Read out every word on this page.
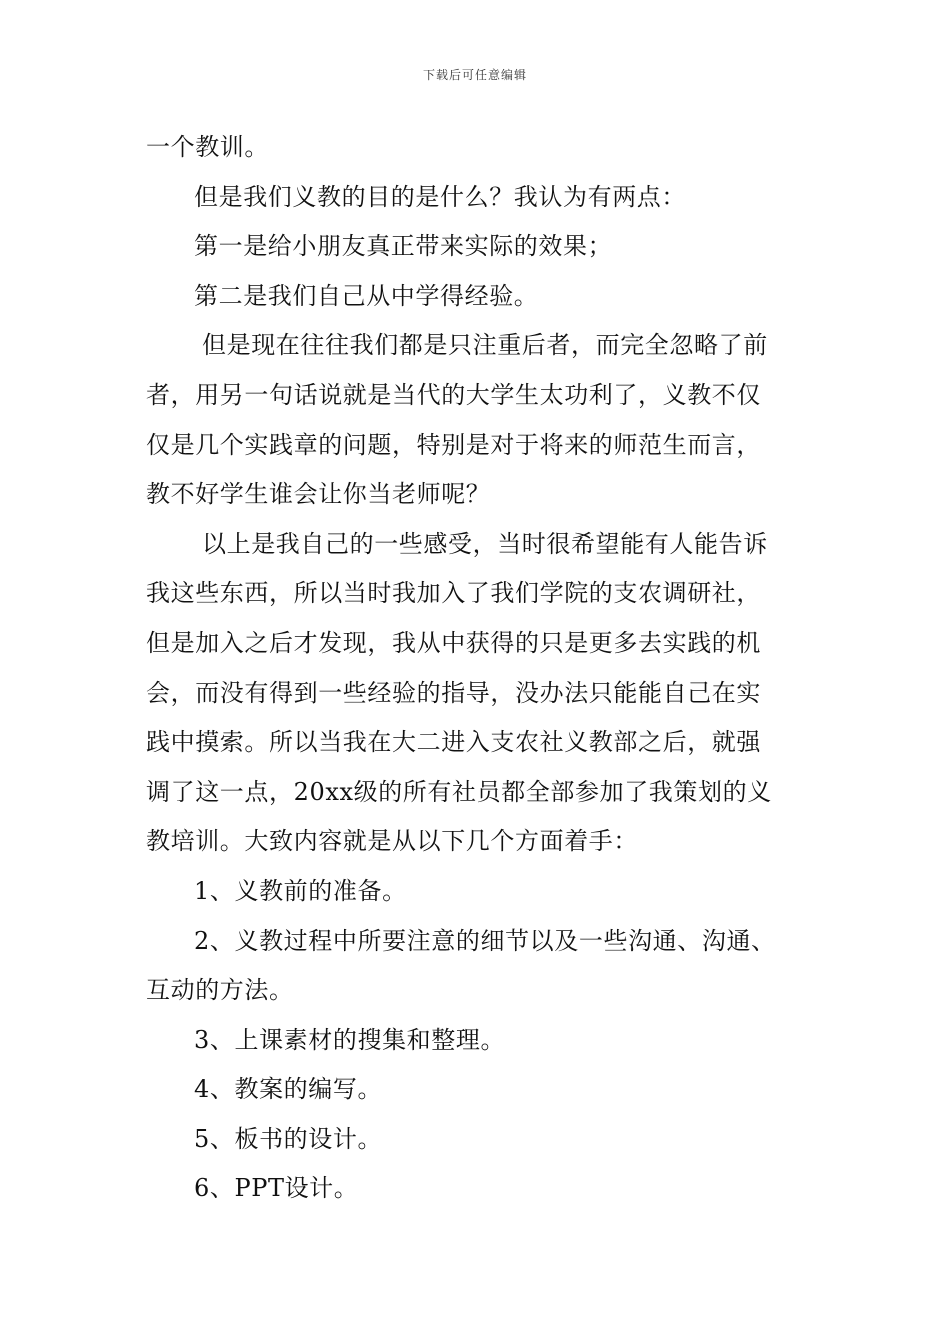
下载后可任意编辑
一个教训。
但是我们义教的目的是什么？我认为有两点：
第一是给小朋友真正带来实际的效果；
第二是我们自己从中学得经验。
但是现在往往我们都是只注重后者，而完全忽略了前
者，用另一句话说就是当代的大学生太功利了，义教不仅
仅是几个实践章的问题，特别是对于将来的师范生而言，
教不好学生谁会让你当老师呢？
以上是我自己的一些感受，当时很希望能有人能告诉
我这些东西，所以当时我加入了我们学院的支农调研社，
但是加入之后才发现，我从中获得的只是更多去实践的机
会，而没有得到一些经验的指导，没办法只能能自己在实
践中摸索。所以当我在大二进入支农社义教部之后，就强
调了这一点，20xx级的所有社员都全部参加了我策划的义
教培训。大致内容就是从以下几个方面着手：
1、义教前的准备。
2、义教过程中所要注意的细节以及一些沟通、沟通、
互动的方法。
3、上课素材的搜集和整理。
4、教案的编写。
5、板书的设计。
6、PPT设计。
